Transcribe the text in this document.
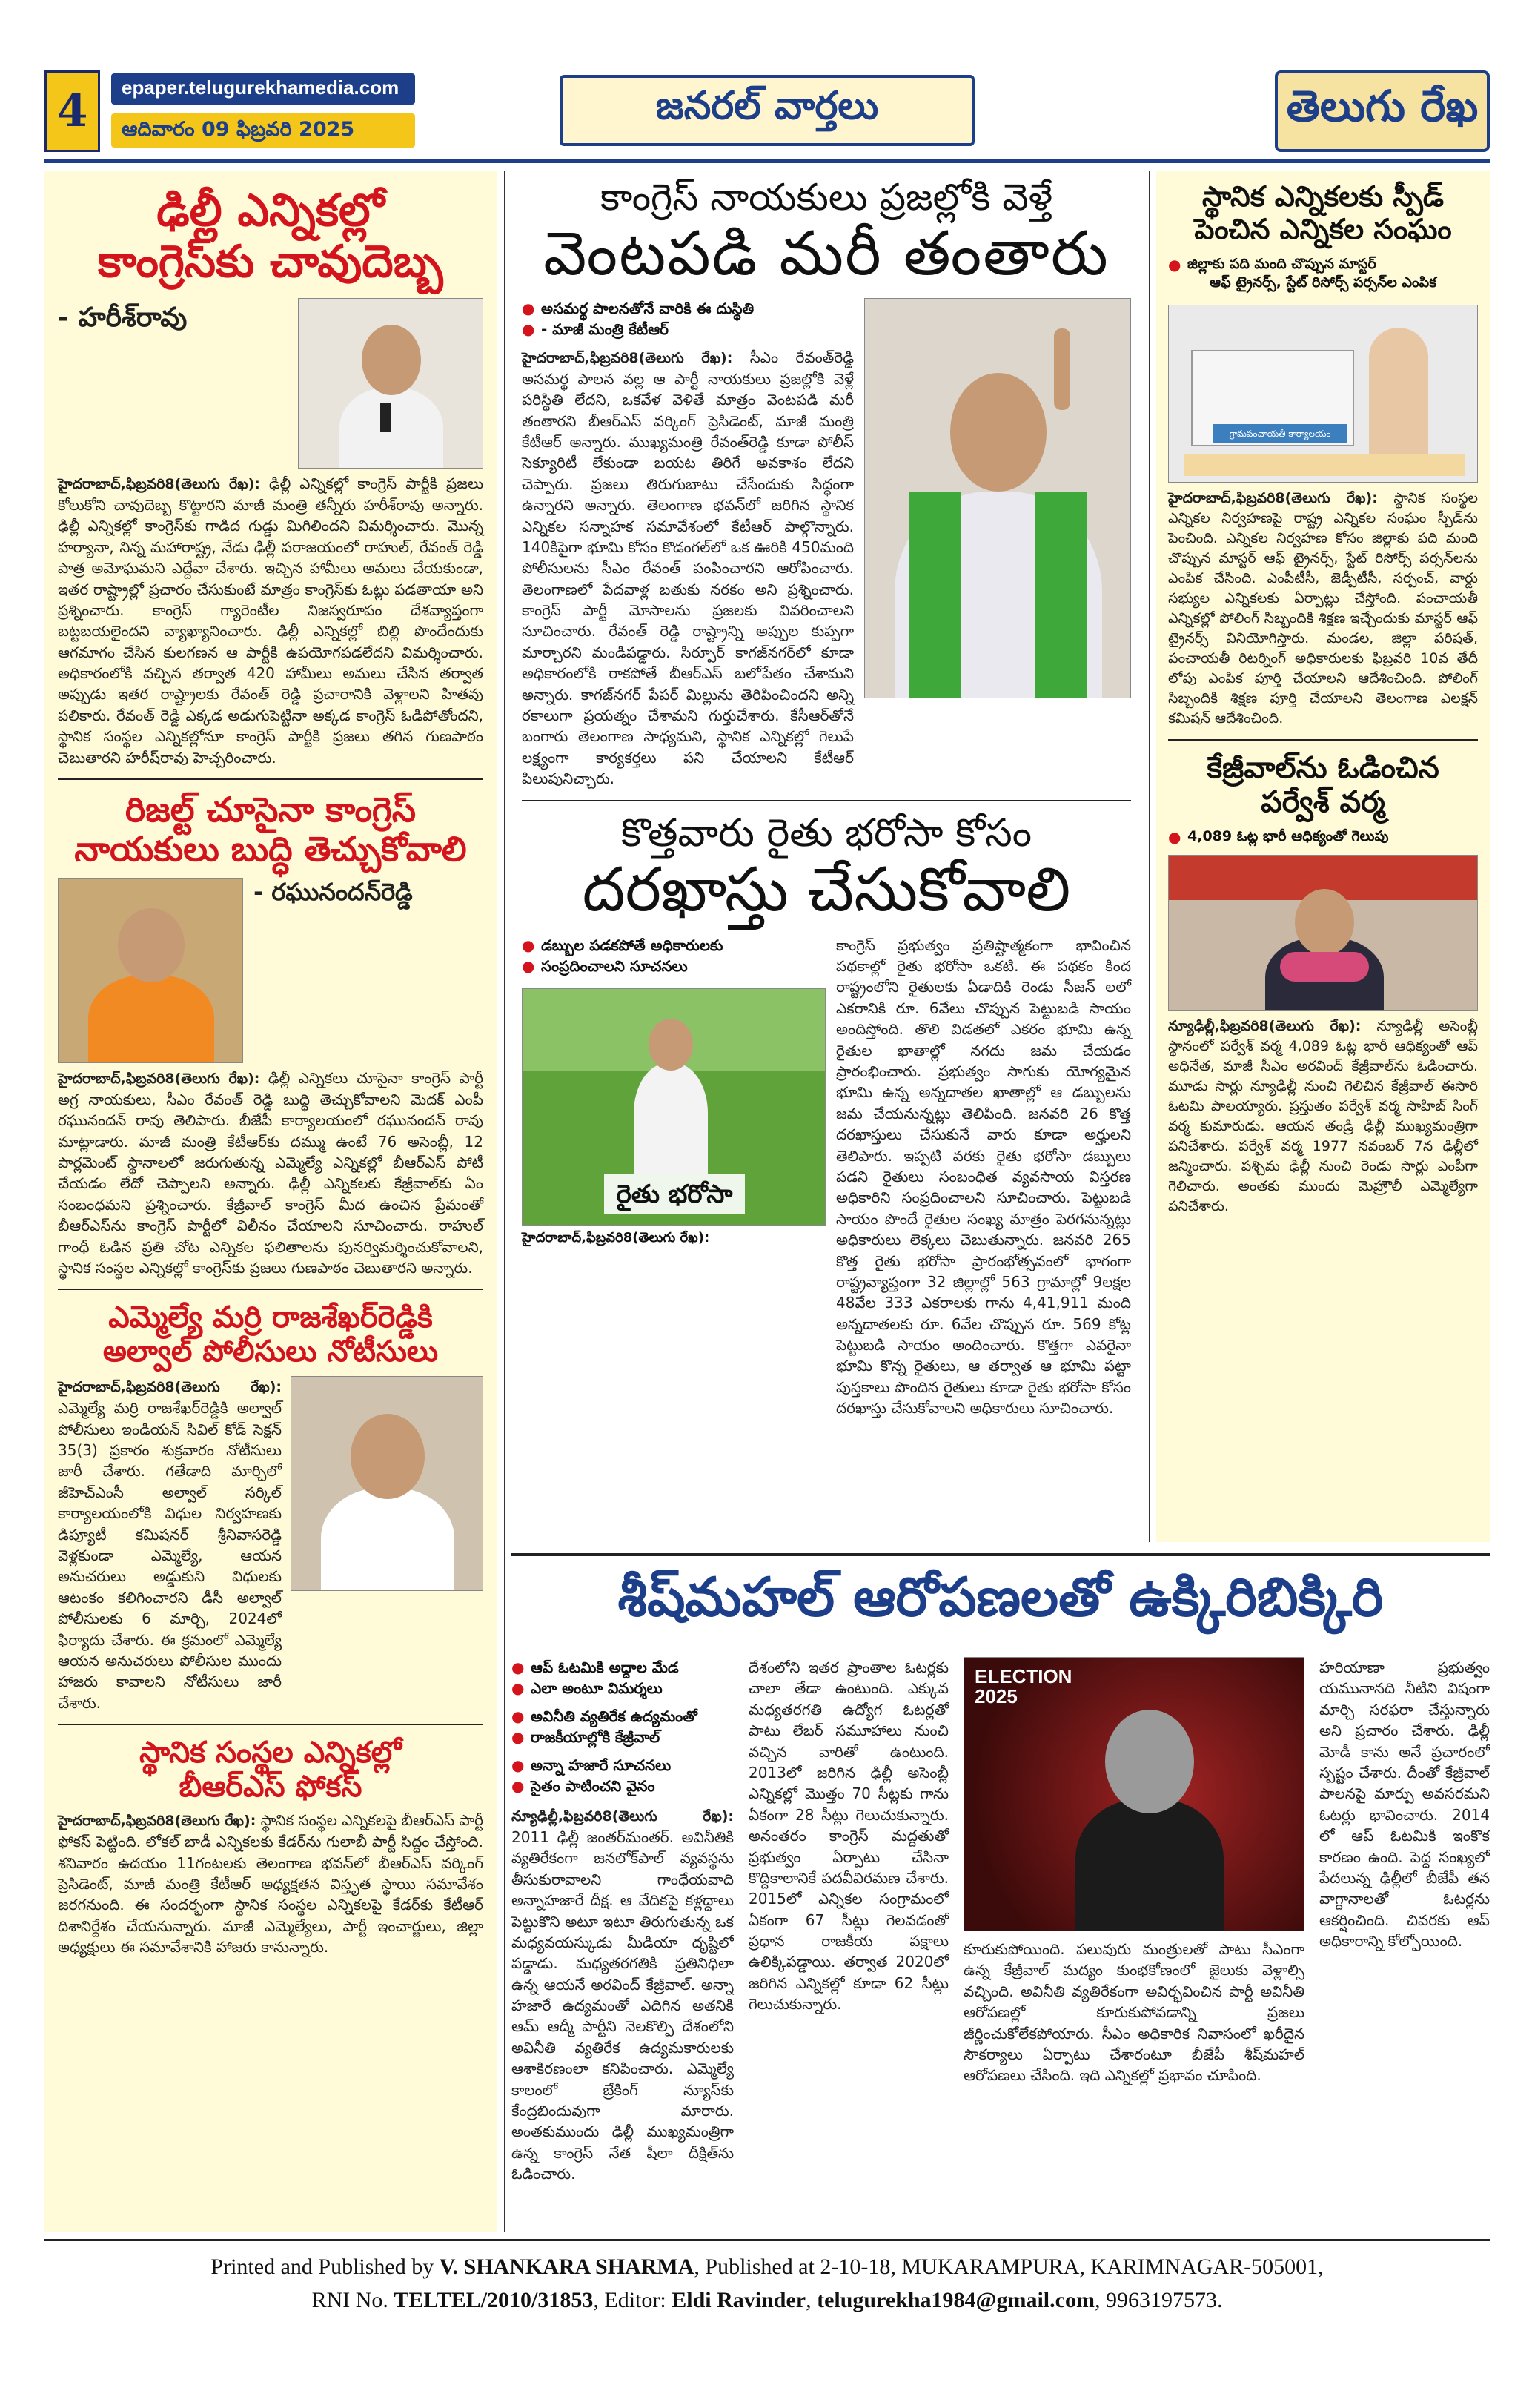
4	epaper.telugurekhamedia.com
ఆదివారం 09 ఫిబ్రవరి 2025
జనరల్ వార్తలు	తెలుగు రేఖ
ఢిల్లీ ఎన్నికల్లో
కాంగ్రెస్‌కు చావుదెబ్బ
- హరీశ్‌రావు
హైదరాబాద్,ఫిబ్రవరి8(తెలుగు రేఖ): ఢిల్లీ ఎన్నికల్లో కాంగ్రెస్ పార్టీకి ప్రజలు కోలుకోని చావుదెబ్బ కొట్టారని మాజీ మంత్రి తన్నీరు హరీశ్‌రావు అన్నారు. ఢిల్లీ ఎన్నికల్లో కాంగ్రెస్‌కు గాడిద గుడ్డు మిగిలిందని విమర్శించారు. మొన్న హర్యానా, నిన్న మహారాష్ట్ర, నేడు ఢిల్లీ పరాజయంలో రాహుల్, రేవంత్ రెడ్డి పాత్ర అమోఘమని ఎద్దేవా చేశారు. ఇచ్చిన హామీలు అమలు చేయకుండా, ఇతర రాష్ట్రాల్లో ప్రచారం చేసుకుంటే మాత్రం కాంగ్రెస్‌కు ఓట్లు పడతాయా అని ప్రశ్నించారు. కాంగ్రెస్ గ్యారెంటీల నిజస్వరూపం దేశవ్యాప్తంగా బట్టబయలైందని వ్యాఖ్యానించారు. ఢిల్లీ ఎన్నికల్లో బిల్లి పొందేందుకు ఆగమాగం చేసిన కులగణన ఆ పార్టీకి ఉపయోగపడలేదని విమర్శించారు. అధికారంలోకి వచ్చిన తర్వాత 420 హామీలు అమలు చేసిన తర్వాత అప్పుడు ఇతర రాష్ట్రాలకు రేవంత్ రెడ్డి ప్రచారానికి వెళ్లాలని హితవు పలికారు. రేవంత్ రెడ్డి ఎక్కడ అడుగుపెట్టినా అక్కడ కాంగ్రెస్ ఓడిపోతోందని, స్థానిక సంస్థల ఎన్నికల్లోనూ కాంగ్రెస్ పార్టీకి ప్రజలు తగిన గుణపాఠం చెబుతారని హరీష్‌రావు హెచ్చరించారు.
రిజల్ట్ చూసైనా కాంగ్రెస్
నాయకులు బుద్ధి తెచ్చుకోవాలి
- రఘునందన్‌రెడ్డి
హైదరాబాద్,ఫిబ్రవరి8(తెలుగు రేఖ): ఢిల్లీ ఎన్నికలు చూసైనా కాంగ్రెస్ పార్టీ అగ్ర నాయకులు, సీఎం రేవంత్ రెడ్డి బుద్ధి తెచ్చుకోవాలని మెదక్ ఎంపీ రఘునందన్ రావు తెలిపారు. బీజేపీ కార్యాలయంలో రఘునందన్ రావు మాట్లాడారు. మాజీ మంత్రి కేటీఆర్‌కు దమ్ము ఉంటే 76 అసెంబ్లీ, 12 పార్లమెంట్ స్థానాలలో జరుగుతున్న ఎమ్మెల్యే ఎన్నికల్లో బీఆర్ఎస్ పోటీ చేయడం లేదో చెప్పాలని అన్నారు. ఢిల్లీ ఎన్నికలకు కేజ్రీవాల్‌కు ఏం సంబంధమని ప్రశ్నించారు. కేజ్రీవాల్ కాంగ్రెస్‌ మీద ఉంచిన ప్రేమంతో బీఆర్ఎస్‌ను కాంగ్రెస్ పార్టీలో విలీనం చేయాలని సూచించారు. రాహుల్ గాంధీ ఓడిన ప్రతి చోట ఎన్నికల ఫలితాలను పునర్విమర్శించుకోవాలని, స్థానిక సంస్థల ఎన్నికల్లో కాంగ్రెస్‌కు ప్రజలు గుణపాఠం చెబుతారని అన్నారు.
ఎమ్మెల్యే మర్రి రాజశేఖర్‌రెడ్డికి
అల్వాల్ పోలీసులు నోటీసులు
హైదరాబాద్,ఫిబ్రవరి8(తెలుగు రేఖ): ఎమ్మెల్యే మర్రి రాజశేఖర్‌రెడ్డికి అల్వాల్ పోలీసులు ఇండియన్ సివిల్ కోడ్ సెక్షన్ 35(3) ప్రకారం శుక్రవారం నోటీసులు జారీ చేశారు. గతేడాది మార్చిలో జీహెచ్‌ఎంసీ అల్వాల్ సర్కిల్ కార్యాలయంలోకి విధుల నిర్వహణకు డిప్యూటీ కమిషనర్ శ్రీనివాసరెడ్డి వెళ్లకుండా ఎమ్మెల్యే, ఆయన అనుచరులు అడ్డుకుని విధులకు ఆటంకం కలిగించారని డీసీ అల్వాల్ పోలీసులకు 6 మార్చి, 2024లో ఫిర్యాదు చేశారు. ఈ క్రమంలో ఎమ్మెల్యే ఆయన అనుచరులు పోలీసుల ముందు హాజరు కావాలని నోటీసులు జారీ చేశారు.
స్థానిక సంస్థల ఎన్నికల్లో
బీఆర్ఎస్ ఫోకస్
హైదరాబాద్,ఫిబ్రవరి8(తెలుగు రేఖ): స్థానిక సంస్థల ఎన్నికలపై బీఆర్‌ఎస్ పార్టీ ఫోకస్ పెట్టింది. లోకల్ బాడీ ఎన్నికలకు కేడర్‌ను గులాబీ పార్టీ సిద్ధం చేస్తోంది. శనివారం ఉదయం 11గంటలకు తెలంగాణ భవన్‌లో బీఆర్ఎస్ వర్కింగ్ ప్రెసిడెంట్, మాజీ మంత్రి కేటీఆర్ అధ్యక్షతన విస్తృత స్థాయి సమావేశం జరగనుంది. ఈ సందర్భంగా స్థానిక సంస్థల ఎన్నికలపై కేడర్‌కు కేటీఆర్ దిశానిర్దేశం చేయనున్నారు. మాజీ ఎమ్మెల్యేలు, పార్టీ ఇంచార్జులు, జిల్లా అధ్యక్షులు ఈ సమావేశానికి హాజరు కానున్నారు.
కాంగ్రెస్ నాయకులు ప్రజల్లోకి వెళ్తే
వెంటపడి మరీ తంతారు
● అసమర్థ పాలనతోనే వారికి ఈ దుస్థితి
● - మాజీ మంత్రి కేటీఆర్
హైదరాబాద్,ఫిబ్రవరి8(తెలుగు రేఖ): సీఎం రేవంత్‌రెడ్డి అసమర్థ పాలన వల్ల ఆ పార్టీ నాయకులు ప్రజల్లోకి వెళ్లే పరిస్థితి లేదని, ఒకవేళ వెళితే మాత్రం వెంటపడి మరీ తంతారని బీఆర్‌ఎస్ వర్కింగ్ ప్రెసిడెంట్, మాజీ మంత్రి కేటీఆర్ అన్నారు. ముఖ్యమంత్రి రేవంత్‌రెడ్డి కూడా పోలీస్ సెక్యూరిటీ లేకుండా బయట తిరిగే అవకాశం లేదని చెప్పారు. ప్రజలు తిరుగుబాటు చేసేందుకు సిద్ధంగా ఉన్నారని అన్నారు. తెలంగాణ భవన్‌లో జరిగిన స్థానిక ఎన్నికల సన్నాహక సమావేశంలో కేటీఆర్ పాల్గొన్నారు. 140కిపైగా భూమి కోసం కొడంగల్‌లో ఒక ఊరికి 450మంది పోలీసులను సీఎం రేవంత్ పంపించారని ఆరోపించారు. తెలంగాణలో పేదవాళ్ల బతుకు నరకం అని ప్రశ్నించారు. కాంగ్రెస్ పార్టీ మోసాలను ప్రజలకు వివరించాలని సూచించారు. రేవంత్ రెడ్డి రాష్ట్రాన్ని అప్పుల కుప్పగా మార్చారని మండిపడ్డారు. సిర్పూర్ కాగజ్‌నగర్‌లో కూడా అధికారంలోకి రాకపోతే బీఆర్ఎస్ బలోపేతం చేశామని అన్నారు. కాగజ్‌నగర్ పేపర్ మిల్లును తెరిపించిందని అన్ని రకాలుగా ప్రయత్నం చేశామని గుర్తుచేశారు. కేసీఆర్‌తోనే బంగారు తెలంగాణ సాధ్యమని, స్థానిక ఎన్నికల్లో గెలుపే లక్ష్యంగా కార్యకర్తలు పని చేయాలని కేటీఆర్ పిలుపునిచ్చారు.
కొత్తవారు రైతు భరోసా కోసం
దరఖాస్తు చేసుకోవాలి
● డబ్బుల పడకపోతే అధికారులకు
● సంప్రదించాలని సూచనలు
రైతు భరోసా
హైదరాబాద్,ఫిబ్రవరి8(తెలుగు రేఖ):
కాంగ్రెస్ ప్రభుత్వం ప్రతిష్టాత్మకంగా భావించిన పథకాల్లో రైతు భరోసా ఒకటి. ఈ పథకం కింద రాష్ట్రంలోని రైతులకు ఏడాదికి రెండు సీజన్ లలో ఎకరానికి రూ. 6వేలు చొప్పున పెట్టుబడి సాయం అందిస్తోంది. తొలి విడతలో ఎకరం భూమి ఉన్న రైతుల ఖాతాల్లో నగదు జమ చేయడం ప్రారంభించారు. ప్రభుత్వం సాగుకు యోగ్యమైన భూమి ఉన్న అన్నదాతల ఖాతాల్లో ఆ డబ్బులను జమ చేయనున్నట్లు తెలిపింది. జనవరి 26 కొత్త దరఖాస్తులు చేసుకునే వారు కూడా అర్హులని తెలిపారు. ఇప్పటి వరకు రైతు భరోసా డబ్బులు పడని రైతులు సంబంధిత వ్యవసాయ విస్తరణ అధికారిని సంప్రదించాలని సూచించారు. పెట్టుబడి సాయం పొందే రైతుల సంఖ్య మాత్రం పెరగనున్నట్లు అధికారులు లెక్కలు చెబుతున్నారు. జనవరి 265 కొత్త రైతు భరోసా ప్రారంభోత్సవంలో భాగంగా రాష్ట్రవ్యాప్తంగా 32 జిల్లాల్లో 563 గ్రామాల్లో 9లక్షల 48వేల 333 ఎకరాలకు గాను 4,41,911 మంది అన్నదాతలకు రూ. 6వేల చొప్పున రూ. 569 కోట్ల పెట్టుబడి సాయం అందించారు. కొత్తగా ఎవరైనా భూమి కొన్న రైతులు, ఆ తర్వాత ఆ భూమి పట్టా పుస్తకాలు పొందిన రైతులు కూడా రైతు భరోసా కోసం దరఖాస్తు చేసుకోవాలని అధికారులు సూచించారు.
స్థానిక ఎన్నికలకు స్పీడ్
పెంచిన ఎన్నికల సంఘం
● జిల్లాకు పది మంది చొప్పున మాస్టర్
ఆఫ్ ట్రైనర్స్, స్టేట్ రిసోర్స్ పర్సన్‌ల ఎంపిక
గ్రామపంచాయతీ కార్యాలయం
హైదరాబాద్,ఫిబ్రవరి8(తెలుగు రేఖ): స్థానిక సంస్థల ఎన్నికల నిర్వహణపై రాష్ట్ర ఎన్నికల సంఘం స్పీడ్‌ను పెంచింది. ఎన్నికల నిర్వహణ కోసం జిల్లాకు పది మంది చొప్పున మాస్టర్ ఆఫ్ ట్రైనర్స్, స్టేట్ రిసోర్స్ పర్సన్‌లను ఎంపిక చేసింది. ఎంపీటీసీ, జెడ్పీటీసీ, సర్పంచ్, వార్డు సభ్యుల ఎన్నికలకు ఏర్పాట్లు చేస్తోంది. పంచాయతీ ఎన్నికల్లో పోలింగ్ సిబ్బందికి శిక్షణ ఇచ్చేందుకు మాస్టర్ ఆఫ్ ట్రైనర్స్ వినియోగిస్తారు. మండల, జిల్లా పరిషత్, పంచాయతీ రిటర్నింగ్ అధికారులకు ఫిబ్రవరి 10వ తేదీ లోపు ఎంపిక పూర్తి చేయాలని ఆదేశించింది. పోలింగ్ సిబ్బందికి శిక్షణ పూర్తి చేయాలని తెలంగాణ ఎలక్షన్ కమిషన్ ఆదేశించింది.
కేజ్రీవాల్‌ను ఓడించిన
పర్వేశ్ వర్మ
● 4,089 ఓట్ల భారీ ఆధిక్యంతో గెలుపు
న్యూఢిల్లీ,ఫిబ్రవరి8(తెలుగు రేఖ): న్యూఢిల్లీ అసెంబ్లీ స్థానంలో పర్వేశ్ వర్మ 4,089 ఓట్ల భారీ ఆధిక్యంతో ఆప్ అధినేత, మాజీ సీఎం అరవింద్ కేజ్రీవాల్‌ను ఓడించారు. మూడు సార్లు న్యూఢిల్లీ నుంచి గెలిచిన కేజ్రీవాల్ ఈసారి ఓటమి పాలయ్యారు. ప్రస్తుతం పర్వేశ్ వర్మ సాహిబ్ సింగ్ వర్మ కుమారుడు. ఆయన తండ్రి ఢిల్లీ ముఖ్యమంత్రిగా పనిచేశారు. పర్వేశ్ వర్మ 1977 నవంబర్ 7న ఢిల్లీలో జన్మించారు. పశ్చిమ ఢిల్లీ నుంచి రెండు సార్లు ఎంపీగా గెలిచారు. అంతకు ముందు మెహ్రౌలీ ఎమ్మెల్యేగా పనిచేశారు.
శీష్‌మహల్ ఆరోపణలతో ఉక్కిరిబిక్కిరి
● ఆప్ ఓటమికి అద్దాల మేడ
● ఎలా అంటూ విమర్శలు
● అవినీతి వ్యతిరేక ఉద్యమంతో
● రాజకీయాల్లోకి కేజ్రీవాల్
● అన్నా హజారే సూచనలు
● సైతం పాటించని వైనం
న్యూఢిల్లీ,ఫిబ్రవరి8(తెలుగు రేఖ): 2011 ఢిల్లీ జంతర్‌మంతర్‌. అవినీతికి వ్యతిరేకంగా జనలోక్‌పాల్ వ్యవస్థను తీసుకురావాలని గాంధేయవాది అన్నాహజారే దీక్ష. ఆ వేదికపై కళ్లద్దాలు పెట్టుకొని అటూ ఇటూ తిరుగుతున్న ఒక మధ్యవయస్కుడు మీడియా దృష్టిలో పడ్డాడు. మధ్యతరగతికి ప్రతినిధిలా ఉన్న ఆయనే అరవింద్ కేజ్రీవాల్. అన్నా హజారే ఉద్యమంతో ఎదిగిన అతనికి ఆమ్ ఆద్మీ పార్టీని నెలకొల్పి దేశంలోని అవినీతి వ్యతిరేక ఉద్యమకారులకు ఆశాకిరణంలా కనిపించారు. ఎమ్మెల్యే కాలంలో బ్రేకింగ్‌ న్యూస్‌కు కేంద్రబిందువుగా మారారు. అంతకుముందు ఢిల్లీ ముఖ్యమంత్రిగా ఉన్న కాంగ్రెస్ నేత షీలా దీక్షిత్‌ను ఓడించారు.
దేశంలోని ఇతర ప్రాంతాల ఓటర్లకు చాలా తేడా ఉంటుంది. ఎక్కువ మధ్యతరగతి ఉద్యోగ ఓటర్లతో పాటు లేబర్ సమూహాలు నుంచి వచ్చిన వారితో ఉంటుంది. 2013లో జరిగిన ఢిల్లీ అసెంబ్లీ ఎన్నికల్లో మొత్తం 70 సీట్లకు గాను ఏకంగా 28 సీట్లు గెలుచుకున్నారు. అనంతరం కాంగ్రెస్ మద్దతుతో ప్రభుత్వం ఏర్పాటు చేసినా కొద్దికాలానికే పదవీవిరమణ చేశారు. 2015లో ఎన్నికల సంగ్రామంలో ఏకంగా 67 సీట్లు గెలవడంతో ప్రధాన రాజకీయ పక్షాలు ఉలిక్కిపడ్డాయి. తర్వాత 2020లో జరిగిన ఎన్నికల్లో కూడా 62 సీట్లు గెలుచుకున్నారు.
ELECTION 2025
కూరుకుపోయింది. పలువురు మంత్రులతో పాటు సీఎంగా ఉన్న కేజ్రీవాల్ మద్యం కుంభకోణంలో జైలుకు వెళ్లాల్సి వచ్చింది. అవినీతి వ్యతిరేకంగా అవిర్భవించిన పార్టీ అవినీతి ఆరోపణల్లో కూరుకుపోవడాన్ని ప్రజలు జీర్ణించుకోలేకపోయారు. సీఎం అధికారిక నివాసంలో ఖరీదైన సౌకర్యాలు ఏర్పాటు చేశారంటూ బీజేపీ శీష్‌మహల్ ఆరోపణలు చేసింది. ఇది ఎన్నికల్లో ప్రభావం చూపింది.
హరియాణా ప్రభుత్వం యమునానది నీటిని విషంగా మార్చి సరఫరా చేస్తున్నారు అని ప్రచారం చేశారు. ఢిల్లీ మోడీ కాను అనే ప్రచారంలో స్పష్టం చేశారు. దీంతో కేజ్రీవాల్ పాలనపై మార్పు అవసరమని ఓటర్లు భావించారు. 2014 లో ఆప్ ఓటమికి ఇంకొక కారణం ఉంది. పెద్ద సంఖ్యలో పేదలున్న ఢిల్లీలో బీజేపీ తన వాగ్దానాలతో ఓటర్లను ఆకర్షించింది. చివరకు ఆప్ అధికారాన్ని కోల్పోయింది.
Printed and Published by V. SHANKARA SHARMA, Published at 2-10-18, MUKARAMPURA, KARIMNAGAR-505001,
RNI No. TELTEL/2010/31853, Editor: Eldi Ravinder, telugurekha1984@gmail.com, 9963197573.
